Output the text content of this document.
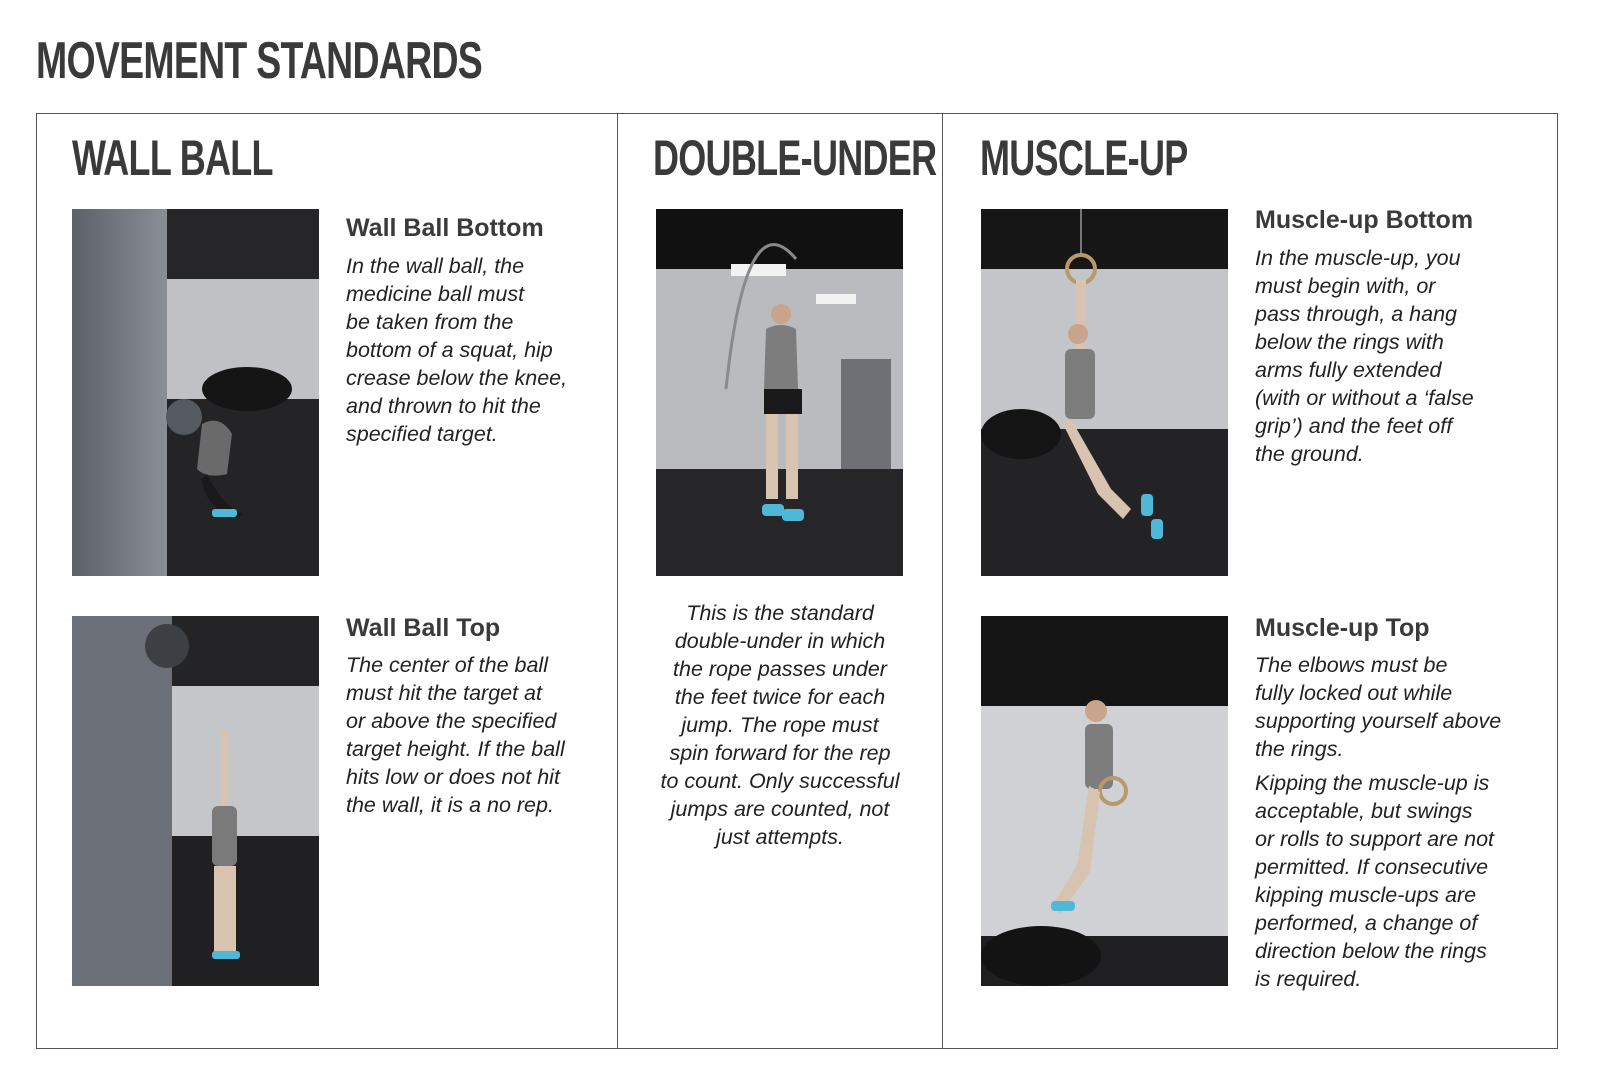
MOVEMENT STANDARDS
WALL BALL
Wall Ball Bottom

In the wall ball, the
medicine ball must
be taken from the
bottom of a squat, hip
crease below the knee,
and thrown to hit the
specified target.

Wall Ball Top

The center of the ball
must hit the target at
or above the specified
target height. If the ball
hits low or does not hit
the wall, it is a no rep.

DOUBLE-UNDER

This is the standard
double-under in which
the rope passes under
the feet twice for each
jump. The rope must
spin forward for the rep
to count. Only successful
jumps are counted, not
just attempts.

MUSCLE-UP
Muscle-up Bottom

In the muscle-up, you
must begin with, or
pass through, a hang
below the rings with
arms fully extended
(with or without a ‘false
grip’) and the feet off
the ground.

Muscle-up Top

The elbows must be
fully locked out while
supporting yourself above
the rings.

Kipping the muscle-up is
acceptable, but swings
or rolls to support are not
permitted. If consecutive
kipping muscle-ups are
performed, a change of
direction below the rings
is required.
